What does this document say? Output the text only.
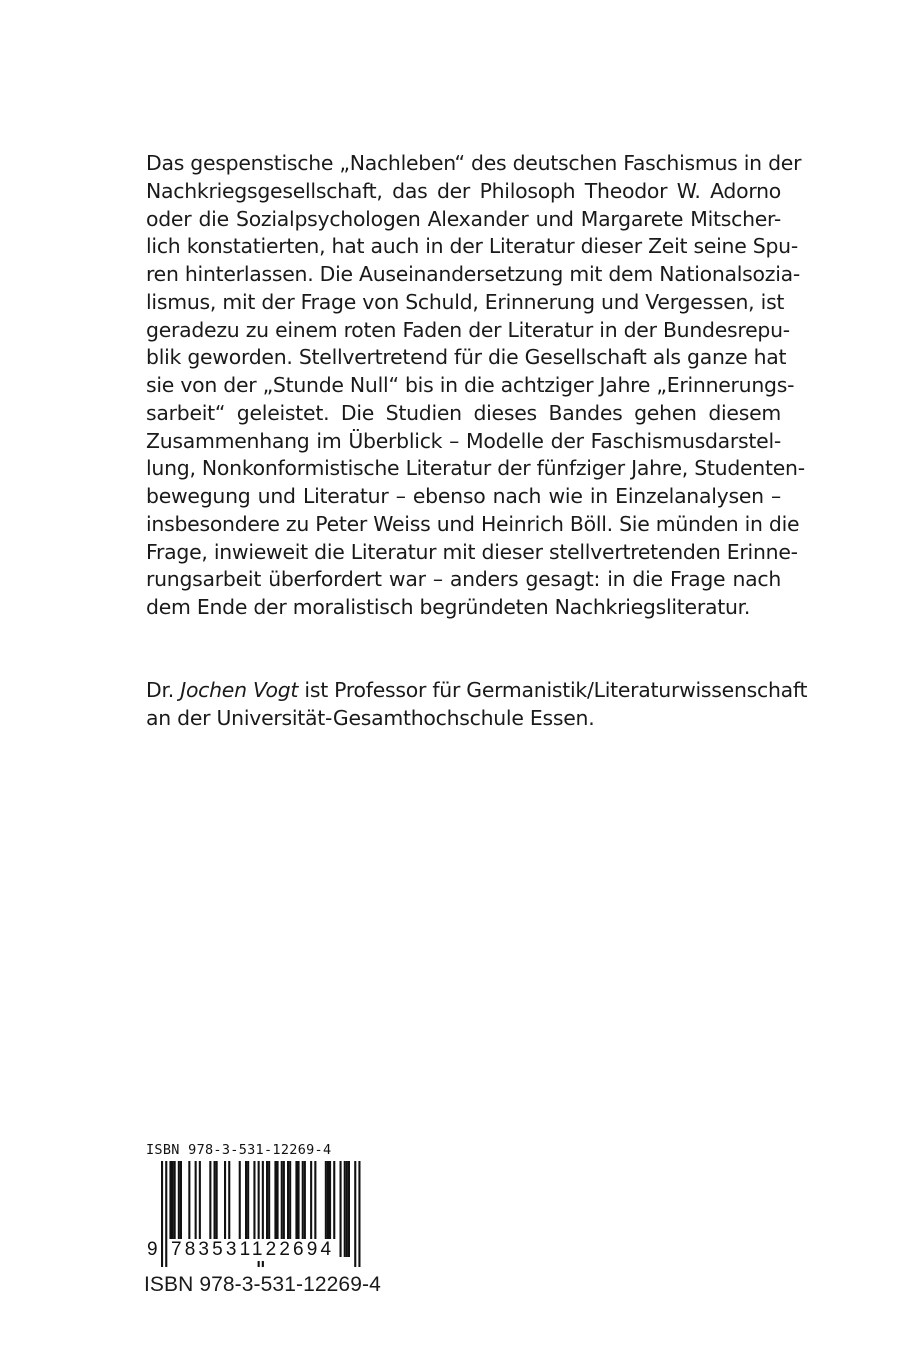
Das gespenstische „Nachleben“ des deutschen Faschismus in der
Nachkriegsgesellschaft, das der Philosoph Theodor W. Adorno
oder die Sozialpsychologen Alexander und Margarete Mitscher-
lich konstatierten, hat auch in der Literatur dieser Zeit seine Spu-
ren hinterlassen. Die Auseinandersetzung mit dem Nationalsozia-
lismus, mit der Frage von Schuld, Erinnerung und Vergessen, ist
geradezu zu einem roten Faden der Literatur in der Bundesrepu-
blik geworden. Stellvertretend für die Gesellschaft als ganze hat
sie von der „Stunde Null“ bis in die achtziger Jahre „Erinnerungs-
sarbeit“ geleistet. Die Studien dieses Bandes gehen diesem
Zusammenhang im Überblick – Modelle der Faschismusdarstel-
lung, Nonkonformistische Literatur der fünfziger Jahre, Studenten-
bewegung und Literatur – ebenso nach wie in Einzelanalysen –
insbesondere zu Peter Weiss und Heinrich Böll. Sie münden in die
Frage, inwieweit die Literatur mit dieser stellvertretenden Erinne-
rungsarbeit überfordert war – anders gesagt: in die Frage nach
dem Ende der moralistisch begründeten Nachkriegsliteratur.
Dr. Jochen Vogt ist Professor für Germanistik/Literaturwissenschaft
an der Universität-Gesamthochschule Essen.
ISBN 978-3-531-12269-4
9 783531122694
ISBN 978-3-531-12269-4
